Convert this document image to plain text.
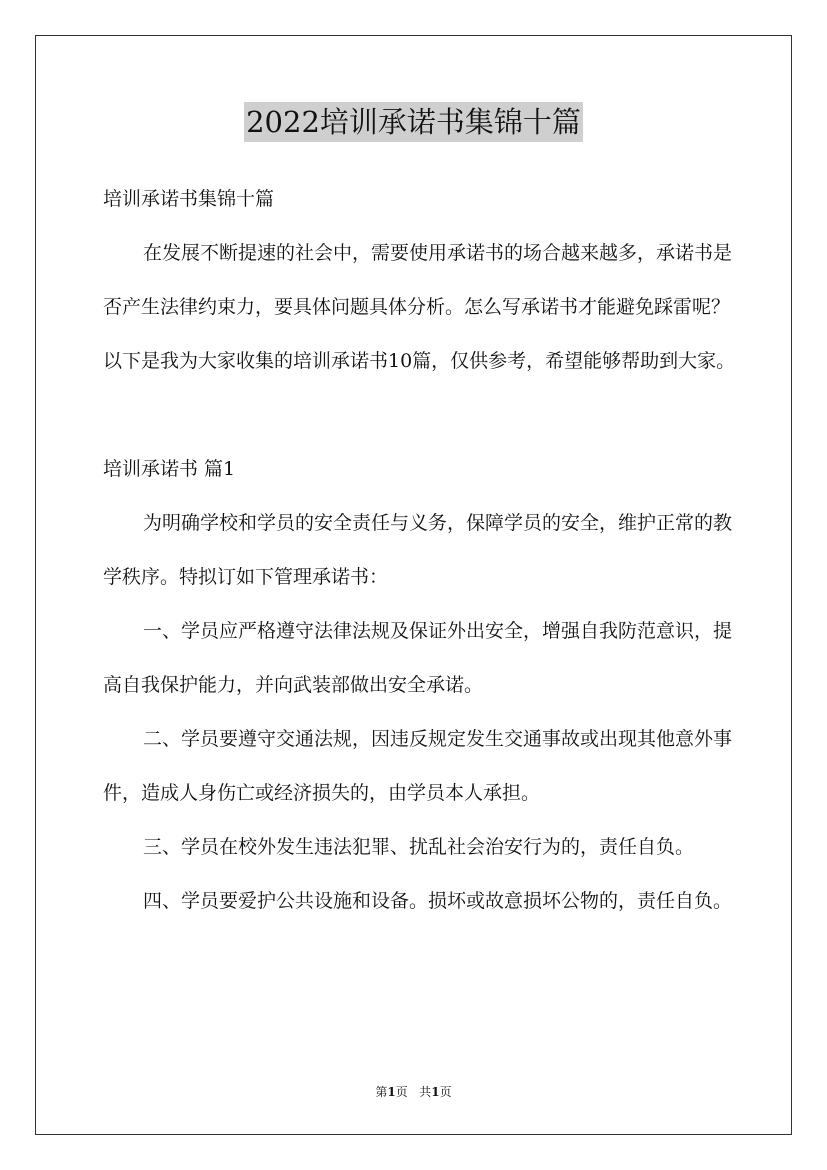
2022培训承诺书集锦十篇

培训承诺书集锦十篇

在发展不断提速的社会中，需要使用承诺书的场合越来越多，承诺书是否产生法律约束力，要具体问题具体分析。怎么写承诺书才能避免踩雷呢？以下是我为大家收集的培训承诺书10篇，仅供参考，希望能够帮助到大家。

培训承诺书 篇1

为明确学校和学员的安全责任与义务，保障学员的安全，维护正常的教学秩序。特拟订如下管理承诺书：

一、学员应严格遵守法律法规及保证外出安全，增强自我防范意识，提高自我保护能力，并向武装部做出安全承诺。

二、学员要遵守交通法规，因违反规定发生交通事故或出现其他意外事件，造成人身伤亡或经济损失的，由学员本人承担。

三、学员在校外发生违法犯罪、扰乱社会治安行为的，责任自负。

四、学员要爱护公共设施和设备。损坏或故意损坏公物的，责任自负。

第1页 共1页
